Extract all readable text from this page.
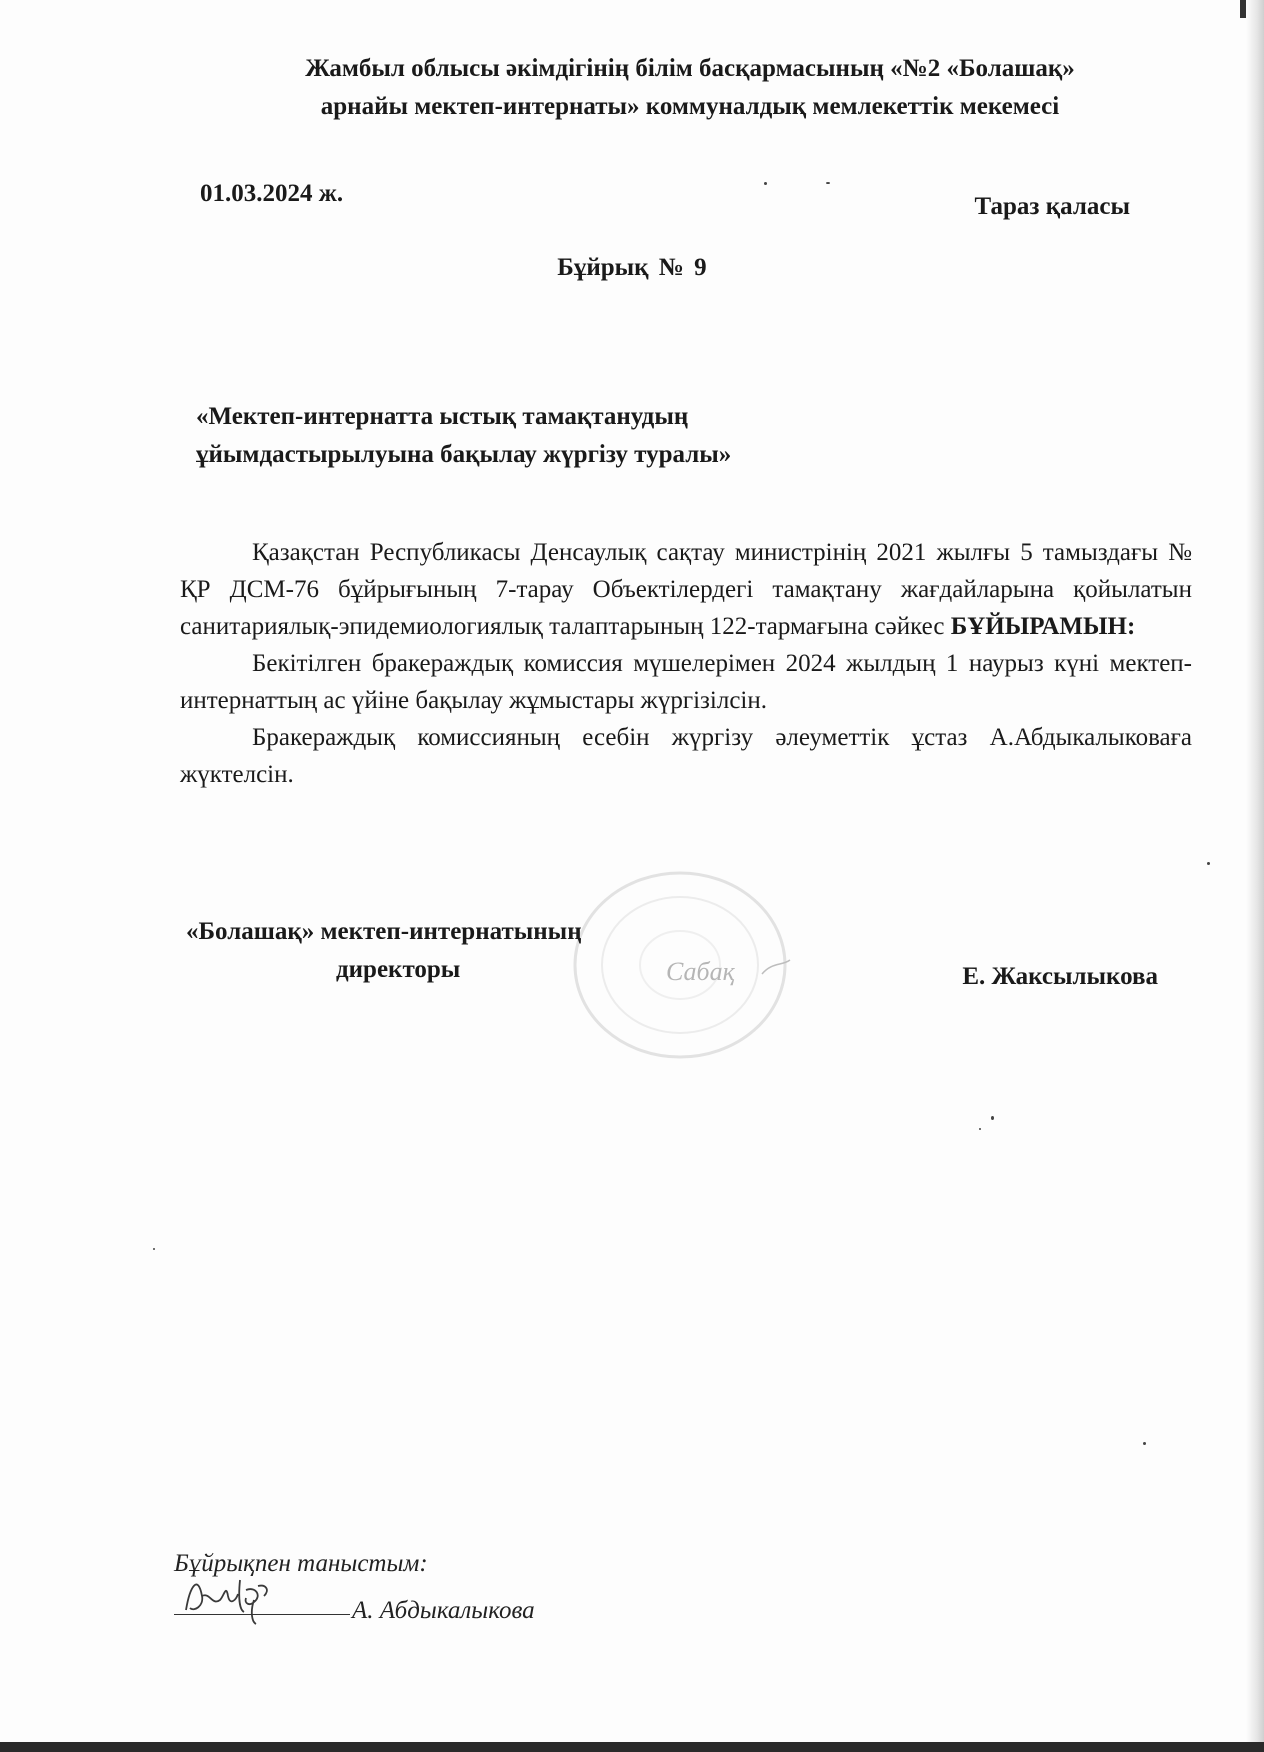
Жамбыл облысы әкімдігінің білім басқармасының «№2 «Болашақ»
арнайы мектеп-интернаты» коммуналдық мемлекеттік мекемесі
01.03.2024 ж.	Тараз қаласы
Бұйрық № 9
«Мектеп-интернатта ыстық тамақтанудың
ұйымдастырылуына бақылау жүргізу туралы»

Қазақстан Республикасы Денсаулық сақтау министрінің 2021 жылғы 5 тамыздағы № ҚР ДСМ-76 бұйрығының 7-тарау Объектілердегі тамақтану жағдайларына қойылатын санитариялық-эпидемиологиялық талаптарының 122-тармағына сәйкес БҰЙЫРАМЫН:

Бекітілген бракераждық комиссия мүшелерімен 2024 жылдың 1 наурыз күні мектеп-интернаттың ас үйіне бақылау жұмыстары жүргізілсін.

Бракераждық комиссияның есебін жүргізу әлеуметтік ұстаз А.Абдыкалыковаға жүктелсін.

«Болашақ» мектеп-интернатының
директоры	Сабақ	Е. Жаксылыкова
Бұйрықпен таныстым:
А. Абдыкалыкова
